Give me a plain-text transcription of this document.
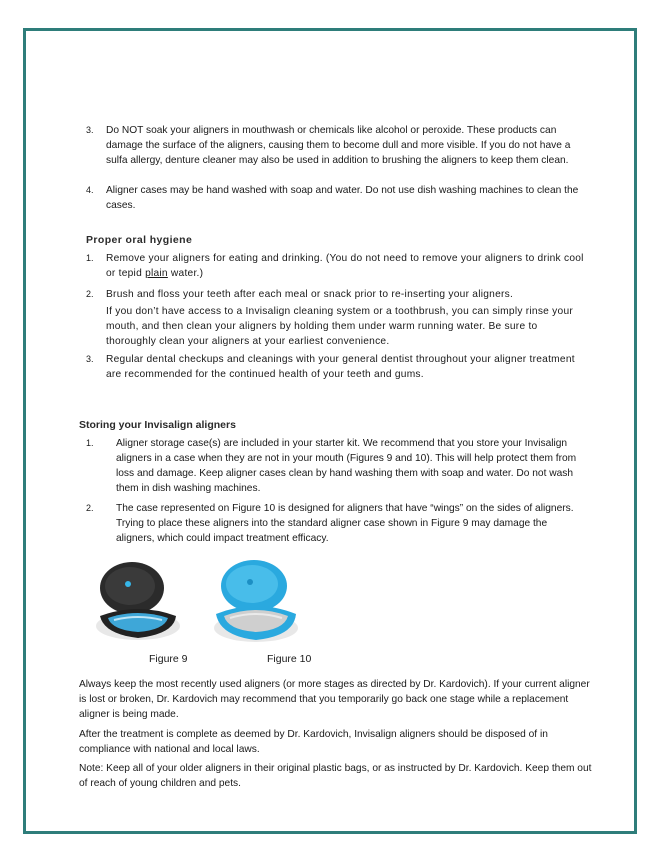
3. Do NOT soak your aligners in mouthwash or chemicals like alcohol or peroxide. These products can damage the surface of the aligners, causing them to become dull and more visible. If you do not have a sulfa allergy, denture cleaner may also be used in addition to brushing the aligners to keep them clean.
4. Aligner cases may be hand washed with soap and water. Do not use dish washing machines to clean the cases.
Proper oral hygiene
1. Remove your aligners for eating and drinking. (You do not need to remove your aligners to drink cool or tepid plain water.)
2. Brush and floss your teeth after each meal or snack prior to re-inserting your aligners.
If you don’t have access to a Invisalign cleaning system or a toothbrush, you can simply rinse your mouth, and then clean your aligners by holding them under warm running water. Be sure to thoroughly clean your aligners at your earliest convenience.
3. Regular dental checkups and cleanings with your general dentist throughout your aligner treatment are recommended for the continued health of your teeth and gums.
Storing your Invisalign aligners
1. Aligner storage case(s) are included in your starter kit. We recommend that you store your Invisalign aligners in a case when they are not in your mouth (Figures 9 and 10). This will help protect them from loss and damage. Keep aligner cases clean by hand washing them with soap and water. Do not wash them in dish washing machines.
2. The case represented on Figure 10 is designed for aligners that have “wings” on the sides of aligners. Trying to place these aligners into the standard aligner case shown in Figure 9 may damage the aligners, which could impact treatment efficacy.
Figure 9	Figure 10
Always keep the most recently used aligners (or more stages as directed by Dr. Kardovich). If your current aligner is lost or broken, Dr. Kardovich may recommend that you temporarily go back one stage while a replacement aligner is being made.
After the treatment is complete as deemed by Dr. Kardovich, Invisalign aligners should be disposed of in compliance with national and local laws.
Note: Keep all of your older aligners in their original plastic bags, or as instructed by Dr. Kardovich. Keep them out of reach of young children and pets.
